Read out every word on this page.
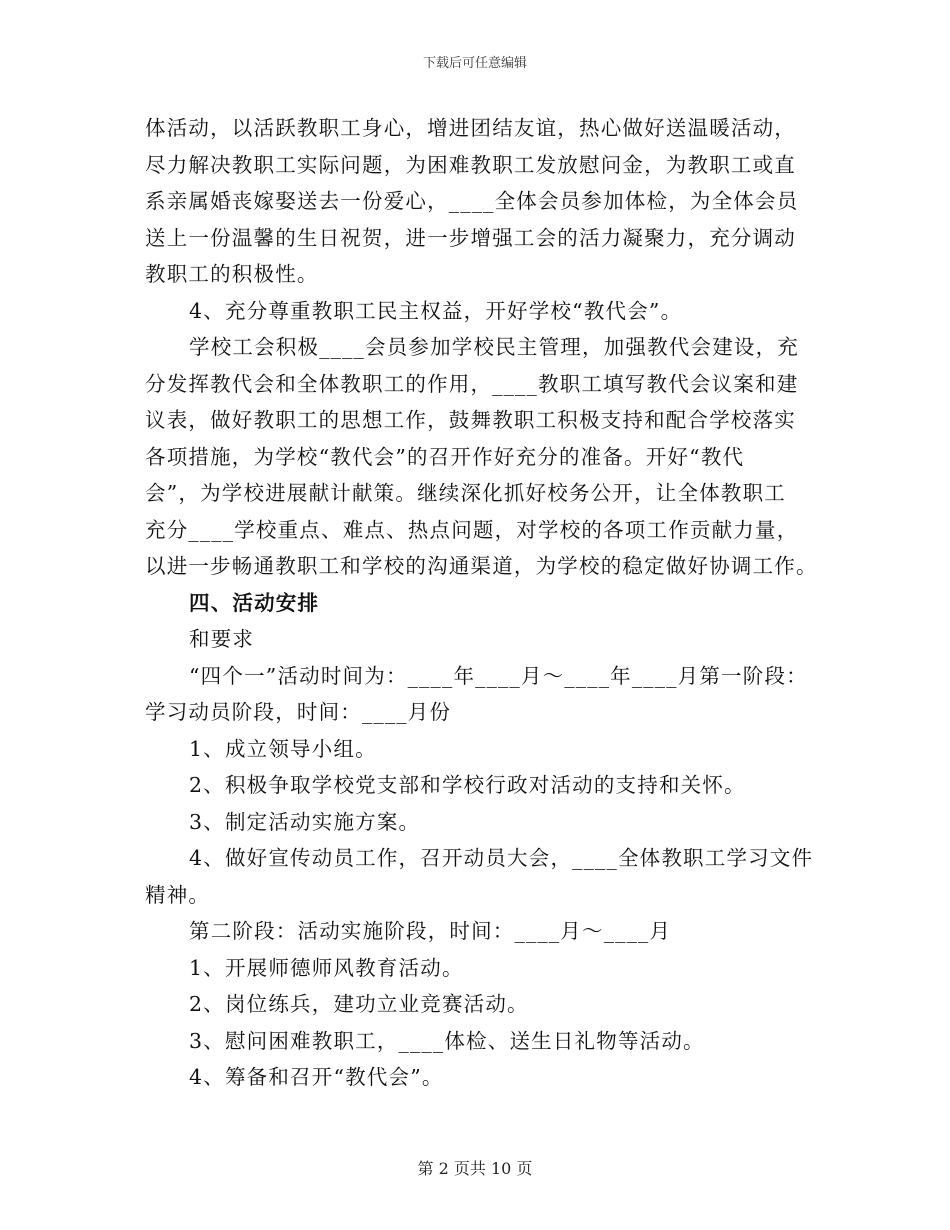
下载后可任意编辑
体活动，以活跃教职工身心，增进团结友谊，热心做好送温暖活动，
尽力解决教职工实际问题，为困难教职工发放慰问金，为教职工或直
系亲属婚丧嫁娶送去一份爱心，____全体会员参加体检，为全体会员
送上一份温馨的生日祝贺，进一步增强工会的活力凝聚力，充分调动
教职工的积极性。
4、充分尊重教职工民主权益，开好学校“教代会”。
学校工会积极____会员参加学校民主管理，加强教代会建设，充
分发挥教代会和全体教职工的作用，____教职工填写教代会议案和建
议表，做好教职工的思想工作，鼓舞教职工积极支持和配合学校落实
各项措施，为学校“教代会”的召开作好充分的准备。开好“教代
会”，为学校进展献计献策。继续深化抓好校务公开，让全体教职工
充分____学校重点、难点、热点问题，对学校的各项工作贡献力量，
以进一步畅通教职工和学校的沟通渠道，为学校的稳定做好协调工作。
四、活动安排
和要求
“四个一”活动时间为：____年____月～____年____月第一阶段：
学习动员阶段，时间：____月份
1、成立领导小组。
2、积极争取学校党支部和学校行政对活动的支持和关怀。
3、制定活动实施方案。
4、做好宣传动员工作，召开动员大会，____全体教职工学习文件
精神。
第二阶段：活动实施阶段，时间：____月～____月
1、开展师德师风教育活动。
2、岗位练兵，建功立业竞赛活动。
3、慰问困难教职工，____体检、送生日礼物等活动。
4、筹备和召开“教代会”。
第 2 页共 10 页
